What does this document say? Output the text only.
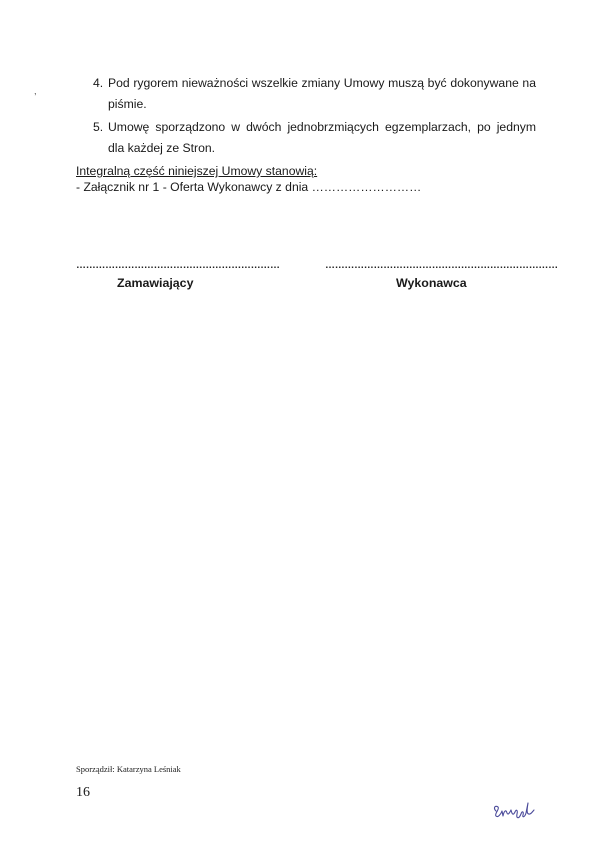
,
4. Pod rygorem nieważności wszelkie zmiany Umowy muszą być dokonywane na piśmie.
5. Umowę sporządzono w dwóch jednobrzmiących egzemplarzach, po jednym dla każdej ze Stron.
Integralną część niniejszej Umowy stanowią:
- Załącznik nr 1 - Oferta Wykonawcy z dnia ………………………
………………………………………………………
Zamawiający
………………………………………………………………
Wykonawca
Sporządził: Katarzyna Leśniak
16
